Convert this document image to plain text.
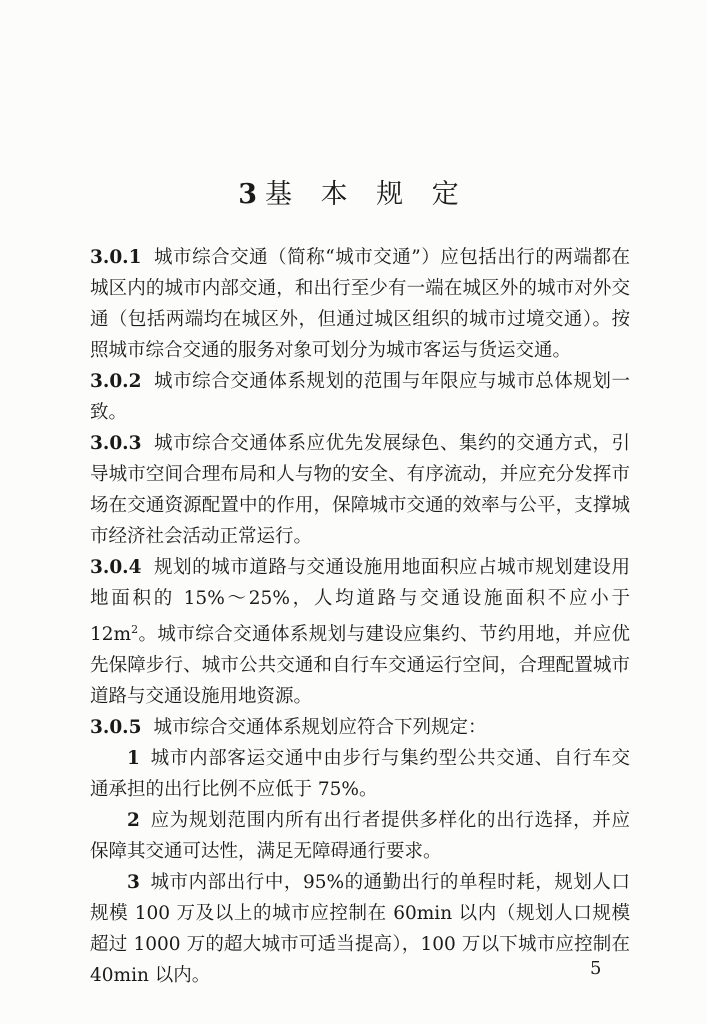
3 基 本 规 定

3.0.1 城市综合交通（简称“城市交通”）应包括出行的两端都在城区内的城市内部交通，和出行至少有一端在城区外的城市对外交通（包括两端均在城区外，但通过城区组织的城市过境交通）。按照城市综合交通的服务对象可划分为城市客运与货运交通。

3.0.2 城市综合交通体系规划的范围与年限应与城市总体规划一致。

3.0.3 城市综合交通体系应优先发展绿色、集约的交通方式，引导城市空间合理布局和人与物的安全、有序流动，并应充分发挥市场在交通资源配置中的作用，保障城市交通的效率与公平，支撑城市经济社会活动正常运行。

3.0.4 规划的城市道路与交通设施用地面积应占城市规划建设用地面积的 15%～25%，人均道路与交通设施面积不应小于 $12m^2$。城市综合交通体系规划与建设应集约、节约用地，并应优先保障步行、城市公共交通和自行车交通运行空间，合理配置城市道路与交通设施用地资源。

3.0.5 城市综合交通体系规划应符合下列规定：

1 城市内部客运交通中由步行与集约型公共交通、自行车交通承担的出行比例不应低于 75%。

2 应为规划范围内所有出行者提供多样化的出行选择，并应保障其交通可达性，满足无障碍通行要求。

3 城市内部出行中，95%的通勤出行的单程时耗，规划人口规模 100 万及以上的城市应控制在 60min 以内（规划人口规模超过 1000 万的超大城市可适当提高），100 万以下城市应控制在 40min 以内。	5
